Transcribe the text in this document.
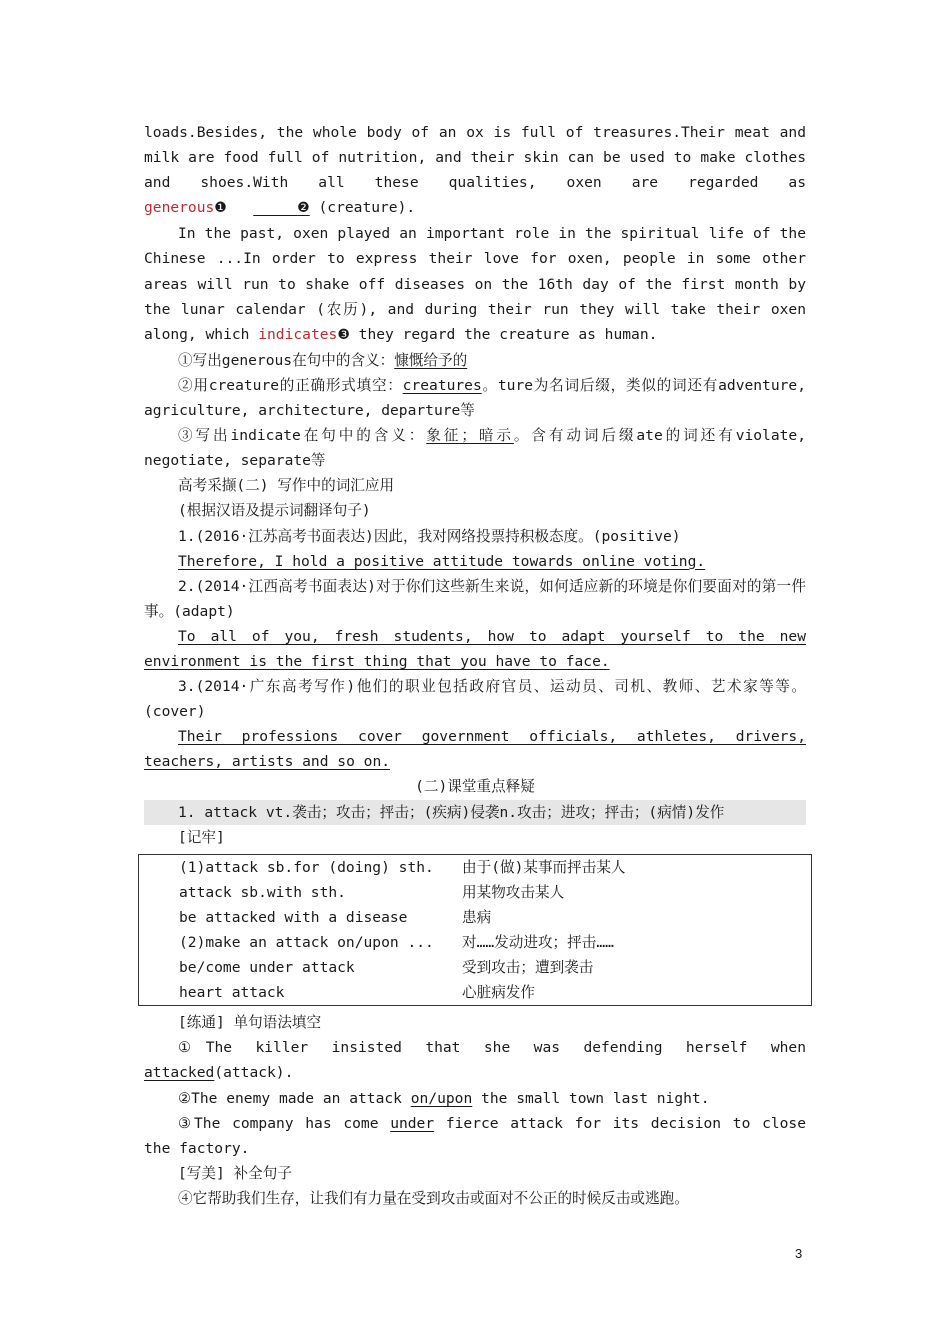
loads.Besides, the whole body of an ox is full of treasures.Their meat and milk are food full of nutrition, and their skin can be used to make clothes and shoes.With all these qualities, oxen are regarded as generous❶	❷ (creature).

In the past, oxen played an important role in the spiritual life of the Chinese ...In order to express their love for oxen, people in some other areas will run to shake off diseases on the 16th day of the first month by the lunar calendar (农历), and during their run they will take their oxen along, which indicates❸ they regard the creature as human.

①写出generous在句中的含义：慷慨给予的

②用creature的正确形式填空：creatures。ture为名词后缀，类似的词还有adventure, agriculture, architecture, departure等

③写出indicate在句中的含义：象征；暗示。含有动词后缀ate的词还有violate, negotiate, separate等

高考采撷(二) 写作中的词汇应用

(根据汉语及提示词翻译句子)

1.(2016·江苏高考书面表达)因此，我对网络投票持积极态度。(positive)

Therefore, I hold a positive attitude towards online voting.

2.(2014·江西高考书面表达)对于你们这些新生来说，如何适应新的环境是你们要面对的第一件事。(adapt)

To all of you, fresh students, how to adapt yourself to the new environment is the first thing that you have to face.

3.(2014·广东高考写作)他们的职业包括政府官员、运动员、司机、教师、艺术家等等。(cover)

Their professions cover government officials, athletes, drivers, teachers, artists and so on.

(二)课堂重点释疑

1. attack vt.袭击；攻击；抨击；(疾病)侵袭n.攻击；进攻；抨击；(病情)发作

[记牢]

(1)attack sb.for (doing) sth.	由于(做)某事而抨击某人
attack sb.with sth.	用某物攻击某人
be attacked with a disease	患病
(2)make an attack on/upon ...	对……发动进攻；抨击……
be/come under attack	受到攻击；遭到袭击
heart attack	心脏病发作

[练通] 单句语法填空

①The killer insisted that she was defending herself when attacked(attack).

②The enemy made an attack on/upon the small town last night.

③The company has come under fierce attack for its decision to close the factory.

[写美] 补全句子

④它帮助我们生存，让我们有力量在受到攻击或面对不公正的时候反击或逃跑。

3
